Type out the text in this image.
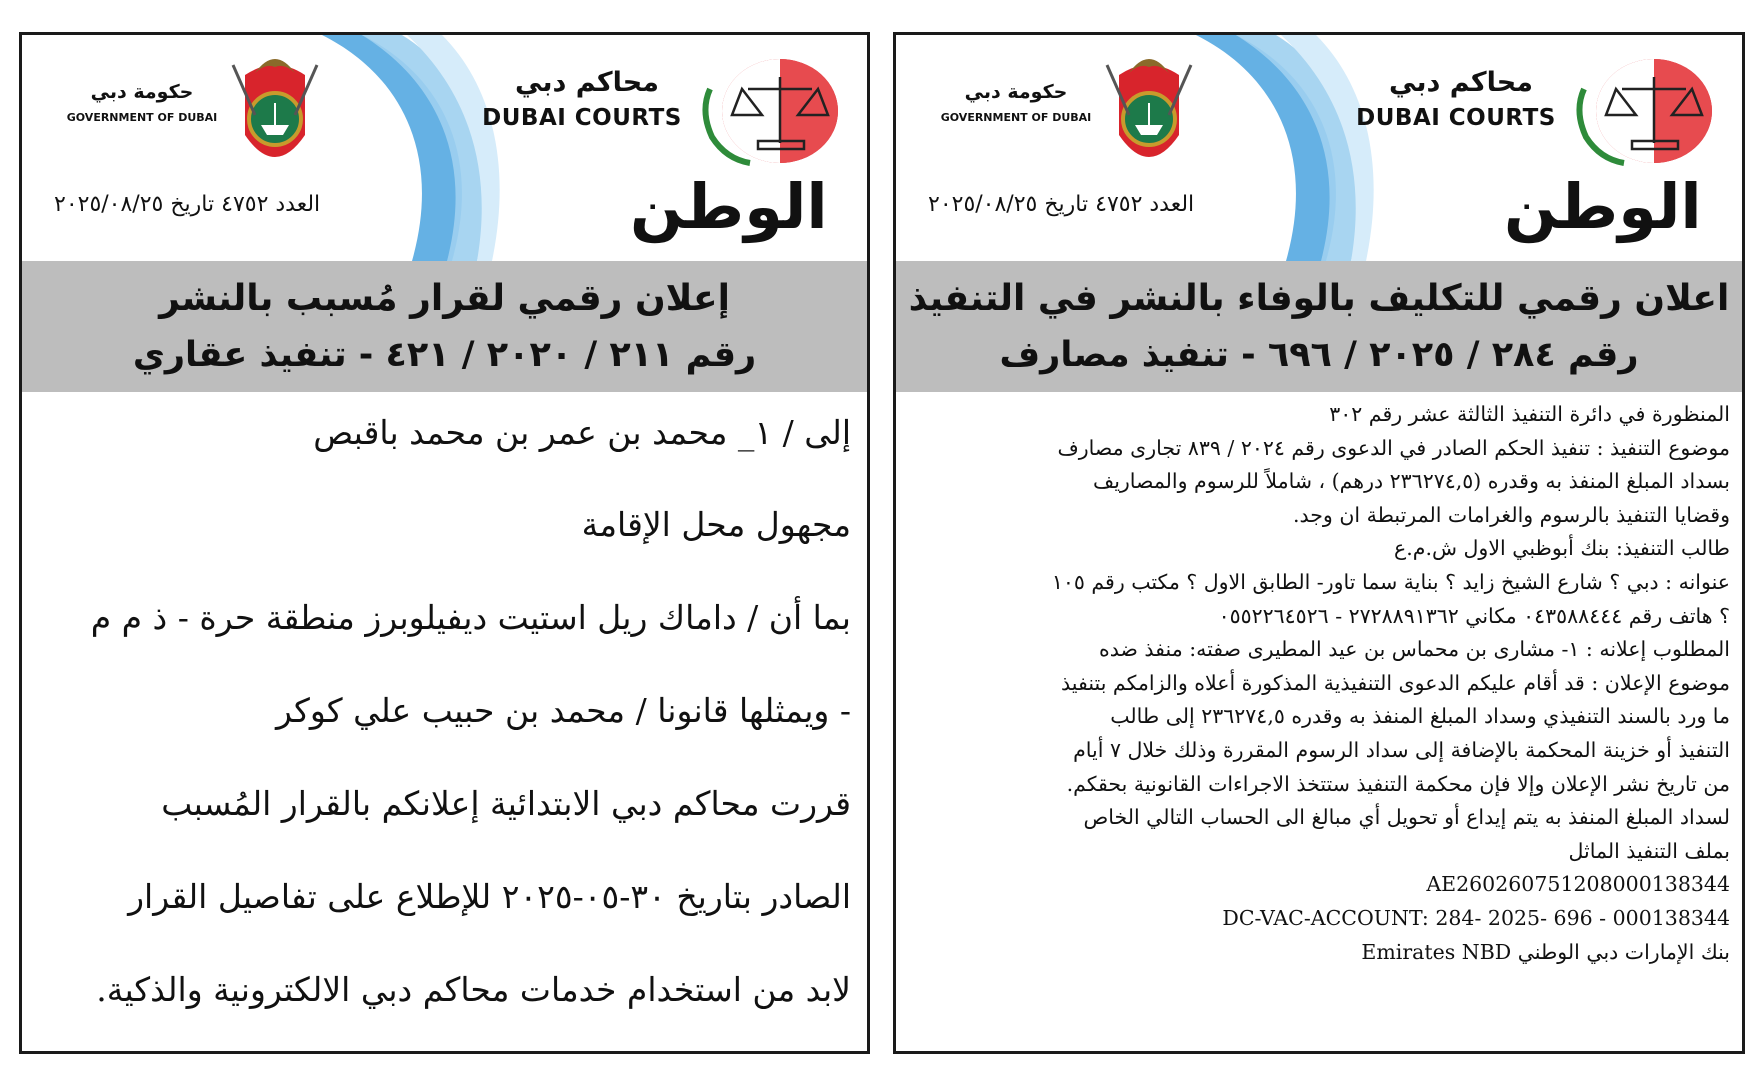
محاكم دبي
DUBAI COURTS
حكومة دبي
GOVERNMENT OF DUBAI
الوطن
العدد ٤٧٥٢ تاريخ ٢٠٢٥/٠٨/٢٥
إعلان رقمي لقرار مُسبب بالنشر
رقم ٢١١ / ٢٠٢٠ / ٤٢١ - تنفيذ عقاري

إلى / ١_ محمد بن عمر بن محمد باقبص

مجهول محل الإقامة

بما أن / داماك ريل استيت ديفيلوبرز منطقة حرة - ذ م م

- ويمثلها قانونا / محمد بن حبيب علي كوكر

قررت محاكم دبي الابتدائية إعلانكم بالقرار المُسبب

الصادر بتاريخ ٣٠-٠٥-٢٠٢٥ للإطلاع على تفاصيل القرار

لابد من استخدام خدمات محاكم دبي الالكترونية والذكية.

محاكم دبي
DUBAI COURTS
حكومة دبي
GOVERNMENT OF DUBAI
الوطن
العدد ٤٧٥٢ تاريخ ٢٠٢٥/٠٨/٢٥
اعلان رقمي للتكليف بالوفاء بالنشر في التنفيذ
رقم ٢٨٤ / ٢٠٢٥ / ٦٩٦ - تنفيذ مصارف

المنظورة في دائرة التنفيذ الثالثة عشر رقم ٣٠٢

موضوع التنفيذ : تنفيذ الحكم الصادر في الدعوى رقم ٢٠٢٤ / ٨٣٩ تجارى مصارف

بسداد المبلغ المنفذ به وقدره (٢٣٦٢٧٤,٥ درهم) ، شاملاً للرسوم والمصاريف

وقضايا التنفيذ بالرسوم والغرامات المرتبطة ان وجد.

طالب التنفيذ: بنك أبوظبي الاول ش.م.ع

عنوانه : دبي ؟ شارع الشيخ زايد ؟ بناية سما تاور- الطابق الاول ؟ مكتب رقم ١٠٥

؟ هاتف رقم ٠٤٣٥٨٨٤٤٤ مكاني ٢٧٢٨٨٩١٣٦٢ - ٠٥٥٢٢٦٤٥٢٦

المطلوب إعلانه : ١- مشارى بن محماس بن عيد المطيرى صفته: منفذ ضده

موضوع الإعلان : قد أقام عليكم الدعوى التنفيذية المذكورة أعلاه والزامكم بتنفيذ

ما ورد بالسند التنفيذي وسداد المبلغ المنفذ به وقدره ٢٣٦٢٧٤,٥ إلى طالب

التنفيذ أو خزينة المحكمة بالإضافة إلى سداد الرسوم المقررة وذلك خلال ٧ أيام

من تاريخ نشر الإعلان وإلا فإن محكمة التنفيذ ستتخذ الاجراءات القانونية بحقكم.

لسداد المبلغ المنفذ به يتم إيداع أو تحويل أي مبالغ الى الحساب التالي الخاص

بملف التنفيذ الماثل

AE260260751208000138344

DC-VAC-ACCOUNT: 284- 2025- 696 - 000138344

بنك الإمارات دبي الوطني Emirates NBD
